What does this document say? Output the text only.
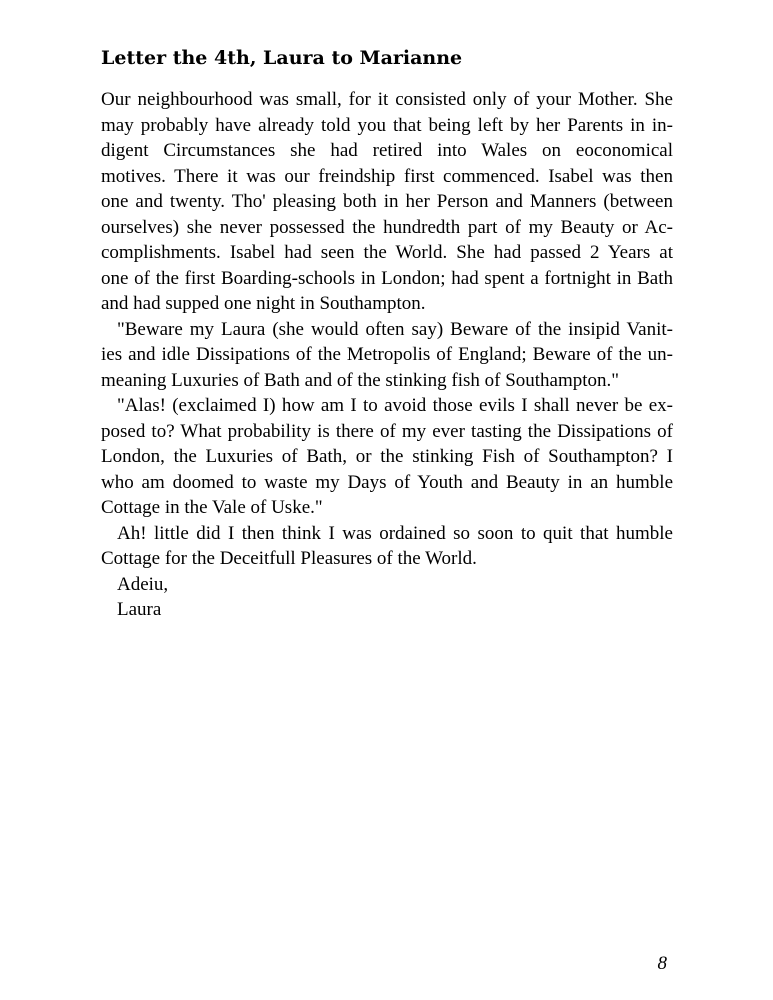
Letter the 4th, Laura to Marianne
Our neighbourhood was small, for it consisted only of your Mother. She
may probably have already told you that being left by her Parents in in-
digent Circumstances she had retired into Wales on eoconomical
motives. There it was our freindship first commenced. Isabel was then
one and twenty. Tho' pleasing both in her Person and Manners (between
ourselves) she never possessed the hundredth part of my Beauty or Ac-
complishments. Isabel had seen the World. She had passed 2 Years at
one of the first Boarding-schools in London; had spent a fortnight in Bath
and had supped one night in Southampton.
"Beware my Laura (she would often say) Beware of the insipid Vanit-
ies and idle Dissipations of the Metropolis of England; Beware of the un-
meaning Luxuries of Bath and of the stinking fish of Southampton."
"Alas! (exclaimed I) how am I to avoid those evils I shall never be ex-
posed to? What probability is there of my ever tasting the Dissipations of
London, the Luxuries of Bath, or the stinking Fish of Southampton? I
who am doomed to waste my Days of Youth and Beauty in an humble
Cottage in the Vale of Uske."
Ah! little did I then think I was ordained so soon to quit that humble
Cottage for the Deceitfull Pleasures of the World.
Adeiu,
Laura
8
